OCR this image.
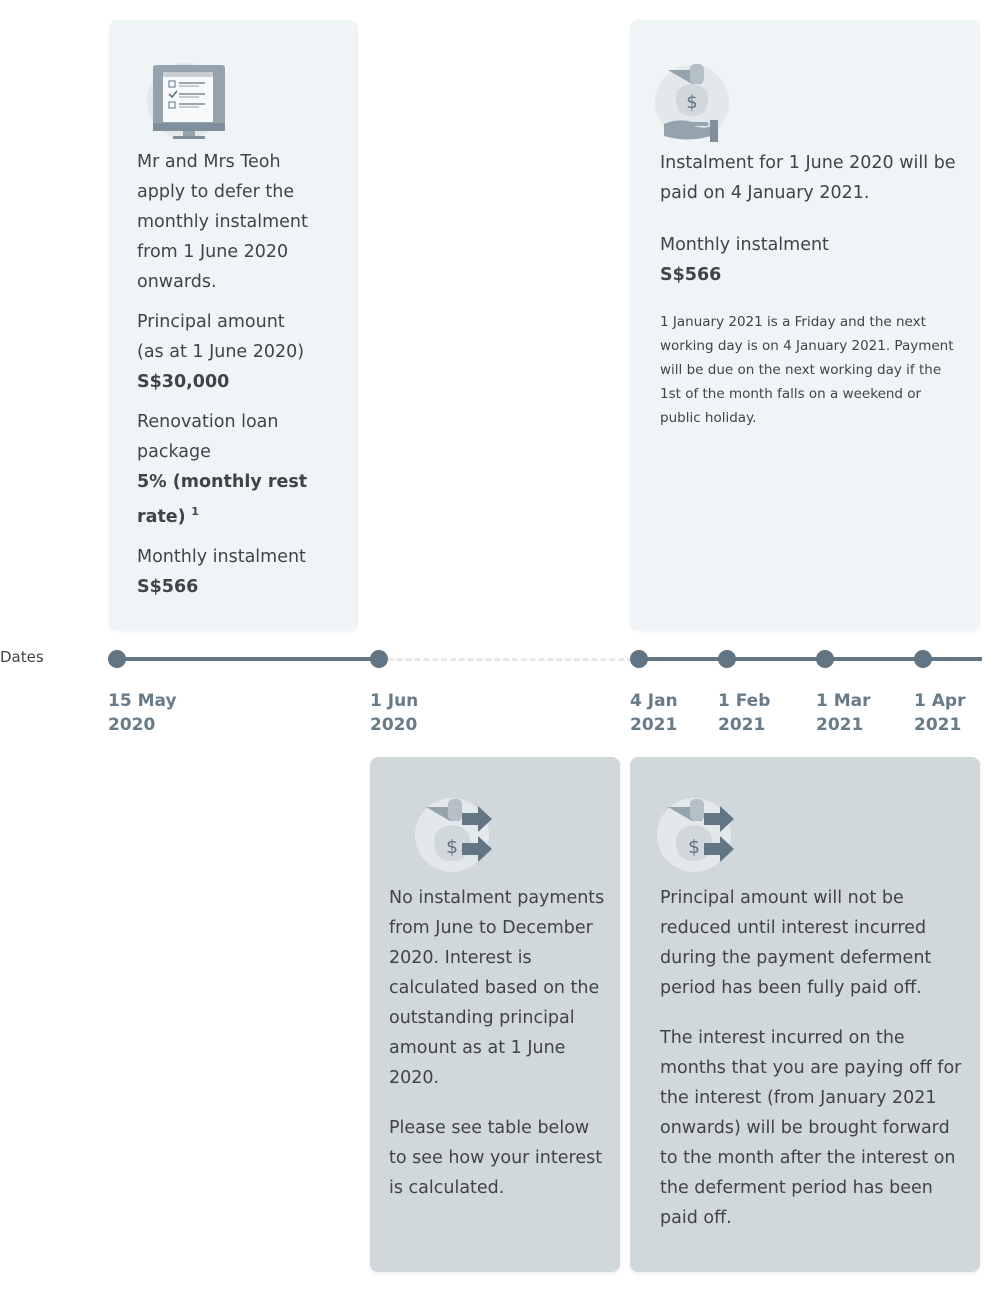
Mr and Mrs Teoh
apply to defer the
monthly instalment
from 1 June 2020
onwards.

Principal amount
(as at 1 June 2020)
S$30,000

Renovation loan
package
5% (monthly rest
rate) $^1$

Monthly instalment
S$566

$

Instalment for 1 June 2020 will be
paid on 4 January 2021.

Monthly instalment
S$566

1 January 2021 is a Friday and the next
working day is on 4 January 2021. Payment
will be due on the next working day if the
1st of the month falls on a weekend or
public holiday.

Dates
15 May
2020
1 Jun
2020
4 Jan
2021
1 Feb
2021
1 Mar
2021
1 Apr
2021
$

No instalment payments
from June to December
2020. Interest is
calculated based on the
outstanding principal
amount as at 1 June
2020.

Please see table below
to see how your interest
is calculated.

$

Principal amount will not be
reduced until interest incurred
during the payment deferment
period has been fully paid off.

The interest incurred on the
months that you are paying off for
the interest (from January 2021
onwards) will be brought forward
to the month after the interest on
the deferment period has been
paid off.
